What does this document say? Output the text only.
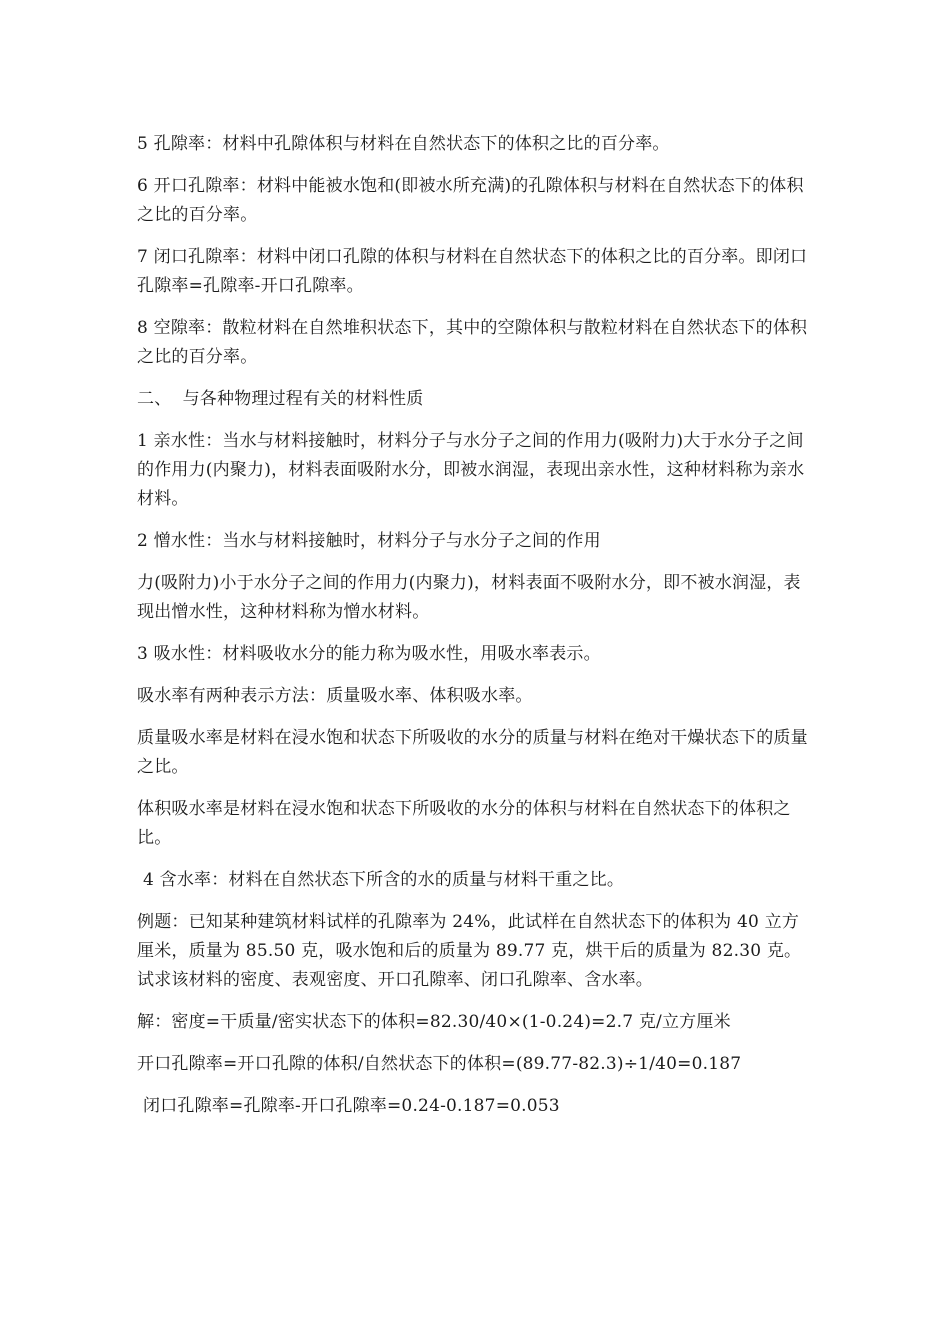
5 孔隙率：材料中孔隙体积与材料在自然状态下的体积之比的百分率。

6 开口孔隙率：材料中能被水饱和(即被水所充满)的孔隙体积与材料在自然状态下的体积之比的百分率。

7 闭口孔隙率：材料中闭口孔隙的体积与材料在自然状态下的体积之比的百分率。即闭口孔隙率=孔隙率-开口孔隙率。

8 空隙率：散粒材料在自然堆积状态下，其中的空隙体积与散粒材料在自然状态下的体积之比的百分率。

二、  与各种物理过程有关的材料性质

1 亲水性：当水与材料接触时，材料分子与水分子之间的作用力(吸附力)大于水分子之间的作用力(内聚力)，材料表面吸附水分，即被水润湿，表现出亲水性，这种材料称为亲水材料。

2 憎水性：当水与材料接触时，材料分子与水分子之间的作用

力(吸附力)小于水分子之间的作用力(内聚力)，材料表面不吸附水分，即不被水润湿，表现出憎水性，这种材料称为憎水材料。

3 吸水性：材料吸收水分的能力称为吸水性，用吸水率表示。

吸水率有两种表示方法：质量吸水率、体积吸水率。

质量吸水率是材料在浸水饱和状态下所吸收的水分的质量与材料在绝对干燥状态下的质量之比。

体积吸水率是材料在浸水饱和状态下所吸收的水分的体积与材料在自然状态下的体积之比。

4 含水率：材料在自然状态下所含的水的质量与材料干重之比。

例题：已知某种建筑材料试样的孔隙率为 24%，此试样在自然状态下的体积为 40 立方厘米，质量为 85.50 克，吸水饱和后的质量为 89.77 克，烘干后的质量为 82.30 克。试求该材料的密度、表观密度、开口孔隙率、闭口孔隙率、含水率。

解：密度=干质量/密实状态下的体积=82.30/40×(1-0.24)=2.7 克/立方厘米

开口孔隙率=开口孔隙的体积/自然状态下的体积=(89.77-82.3)÷1/40=0.187

闭口孔隙率=孔隙率-开口孔隙率=0.24-0.187=0.053
